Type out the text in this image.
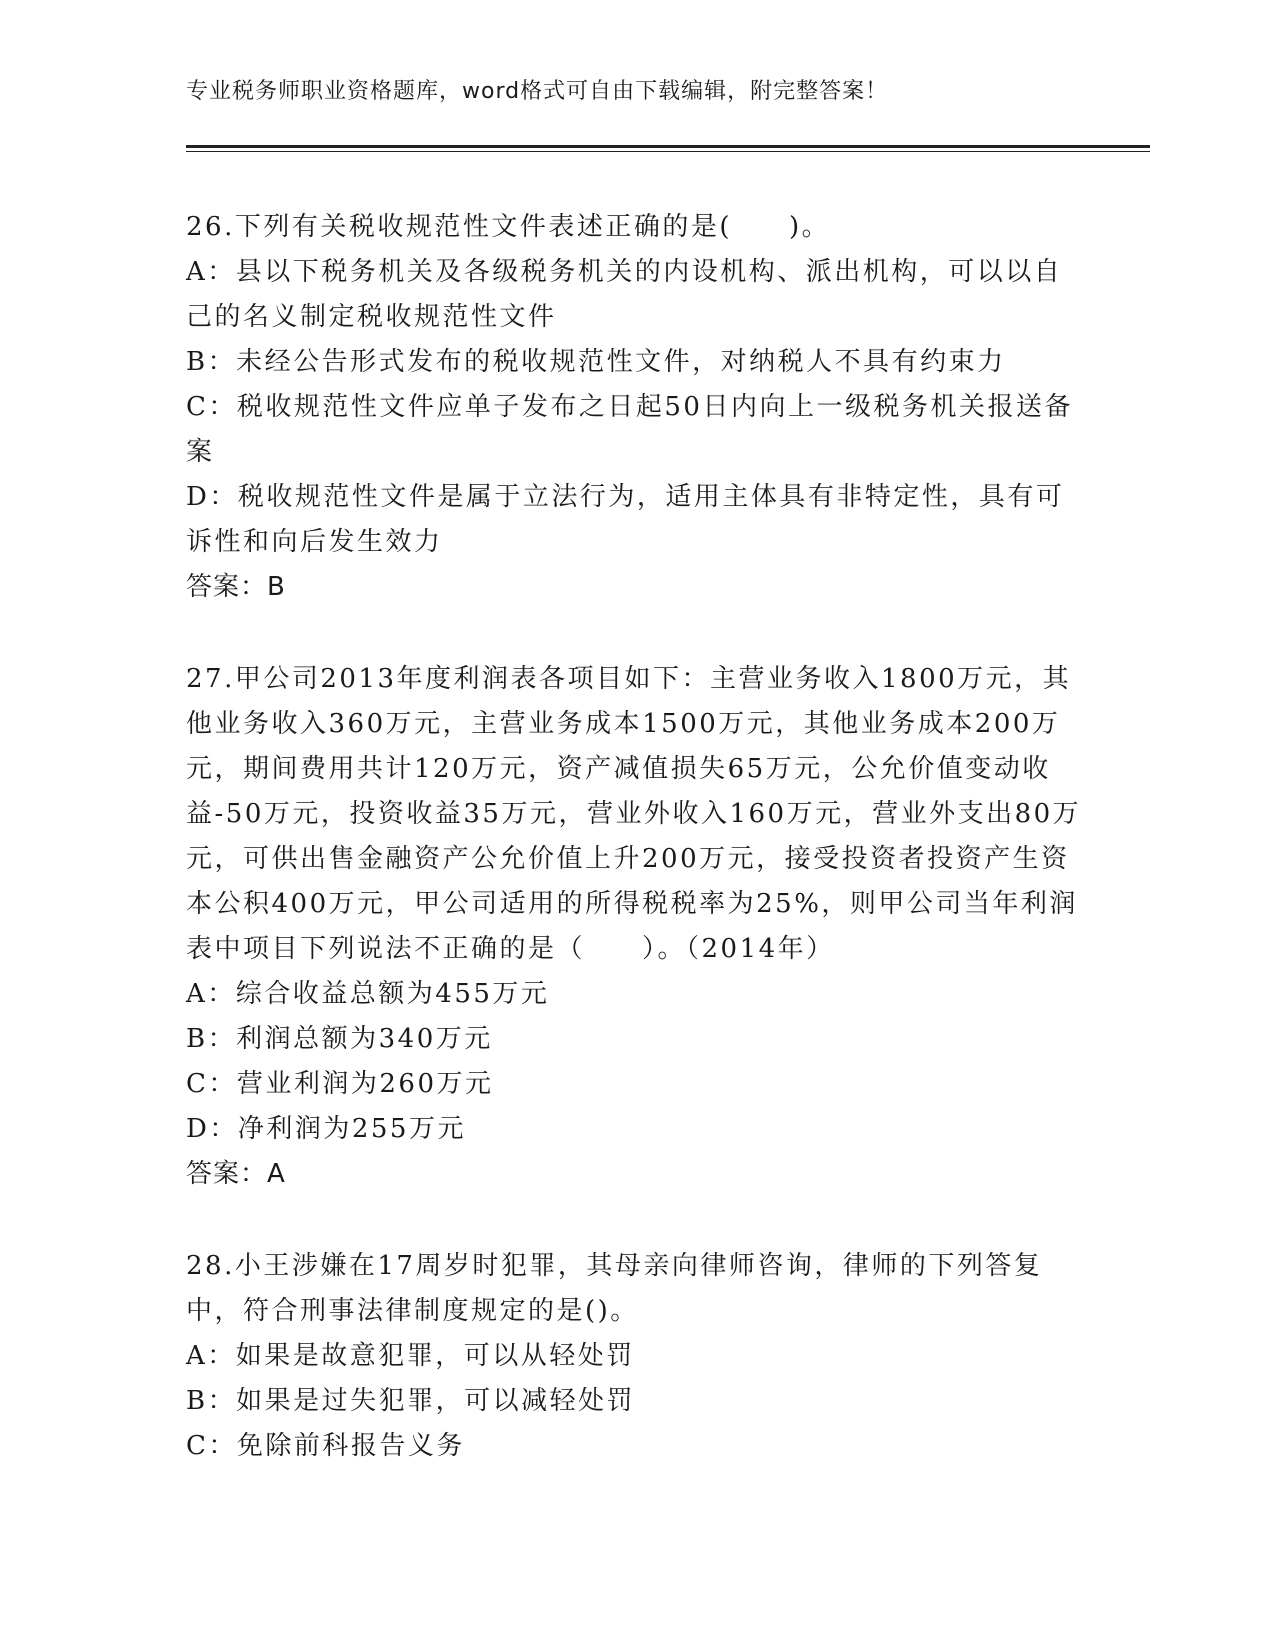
专业税务师职业资格题库，word格式可自由下载编辑，附完整答案！

26.下列有关税收规范性文件表述正确的是(　　)。

A：县以下税务机关及各级税务机关的内设机构、派出机构，可以以自己的名义制定税收规范性文件

B：未经公告形式发布的税收规范性文件，对纳税人不具有约束力

C：税收规范性文件应单子发布之日起50日内向上一级税务机关报送备案

D：税收规范性文件是属于立法行为，适用主体具有非特定性，具有可诉性和向后发生效力

答案：B

27.甲公司2013年度利润表各项目如下：主营业务收入1800万元，其他业务收入360万元，主营业务成本1500万元，其他业务成本200万元，期间费用共计120万元，资产减值损失65万元，公允价值变动收益-50万元，投资收益35万元，营业外收入160万元，营业外支出80万元，可供出售金融资产公允价值上升200万元，接受投资者投资产生资本公积400万元，甲公司适用的所得税税率为25%，则甲公司当年利润表中项目下列说法不正确的是（　　）。（2014年）

A：综合收益总额为455万元

B：利润总额为340万元

C：营业利润为260万元

D：净利润为255万元

答案：A

28.小王涉嫌在17周岁时犯罪，其母亲向律师咨询，律师的下列答复中，符合刑事法律制度规定的是()。

A：如果是故意犯罪，可以从轻处罚

B：如果是过失犯罪，可以减轻处罚

C：免除前科报告义务
